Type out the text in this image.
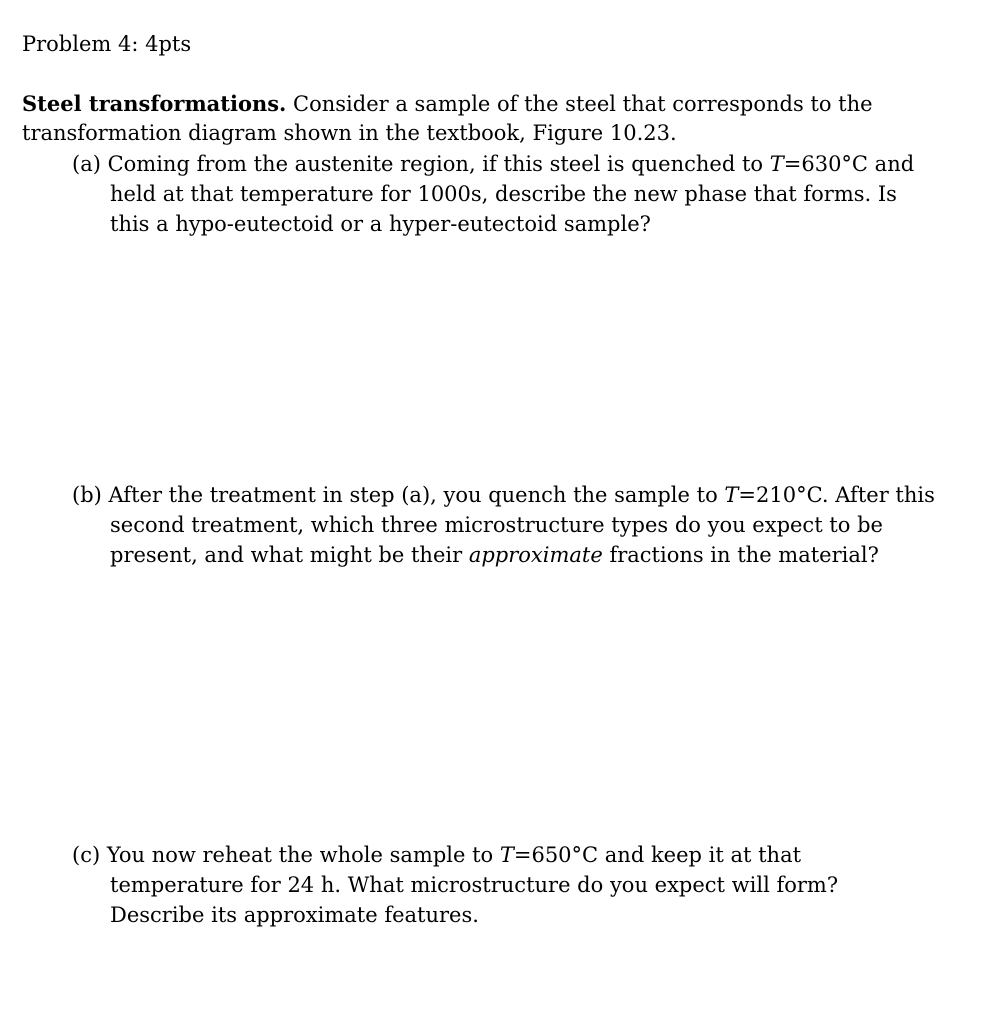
Problem 4: 4pts
Steel transformations. Consider a sample of the steel that corresponds to the
transformation diagram shown in the textbook, Figure 10.23.
(a) Coming from the austenite region, if this steel is quenched to T=630°C and
held at that temperature for 1000s, describe the new phase that forms. Is
this a hypo-eutectoid or a hyper-eutectoid sample?
(b) After the treatment in step (a), you quench the sample to T=210°C. After this
second treatment, which three microstructure types do you expect to be
present, and what might be their approximate fractions in the material?
(c) You now reheat the whole sample to T=650°C and keep it at that
temperature for 24 h. What microstructure do you expect will form?
Describe its approximate features.
